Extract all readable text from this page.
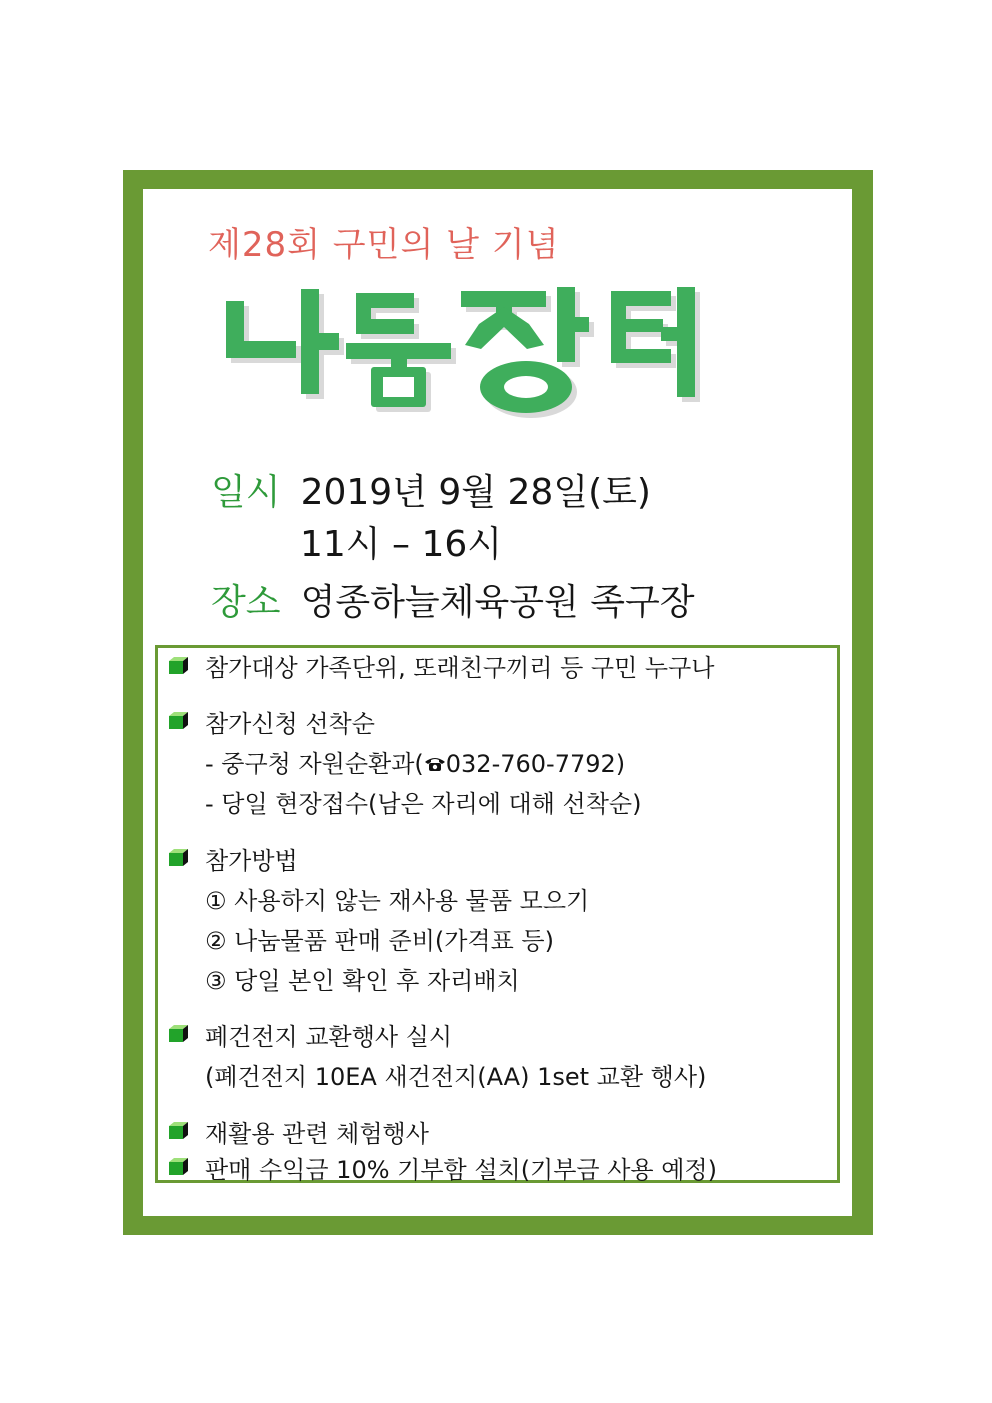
제28회 구민의 날 기념
일시 2019년 9월 28일(토)
11시 – 16시
장소 영종하늘체육공원 족구장
참가대상 가족단위, 또래친구끼리 등 구민 누구나
참가신청 선착순
- 중구청 자원순환과( 032-760-7792)
- 당일 현장접수(남은 자리에 대해 선착순)
참가방법
① 사용하지 않는 재사용 물품 모으기
② 나눔물품 판매 준비(가격표 등)
③ 당일 본인 확인 후 자리배치
폐건전지 교환행사 실시
(폐건전지 10EA 새건전지(AA) 1set 교환 행사)
재활용 관련 체험행사
판매 수익금 10% 기부함 설치(기부금 사용 예정)
